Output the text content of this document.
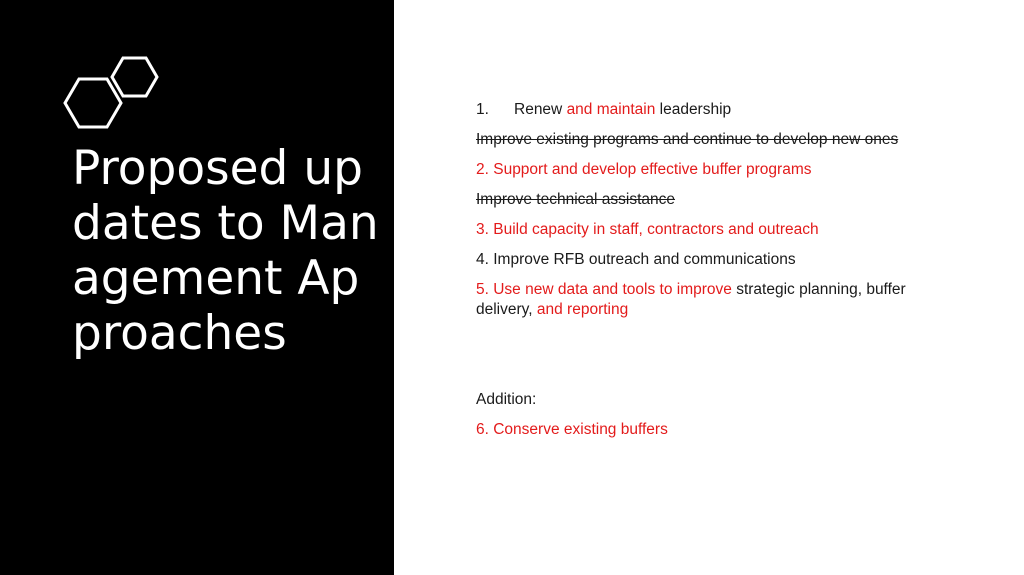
Proposed updates to Management Approaches

1. Renew and maintain leadership

Improve existing programs and continue to develop new ones

2. Support and develop effective buffer programs

Improve technical assistance

3. Build capacity in staff, contractors and outreach

4. Improve RFB outreach and communications

5. Use new data and tools to improve strategic planning, buffer delivery, and reporting

Addition:

6. Conserve existing buffers
